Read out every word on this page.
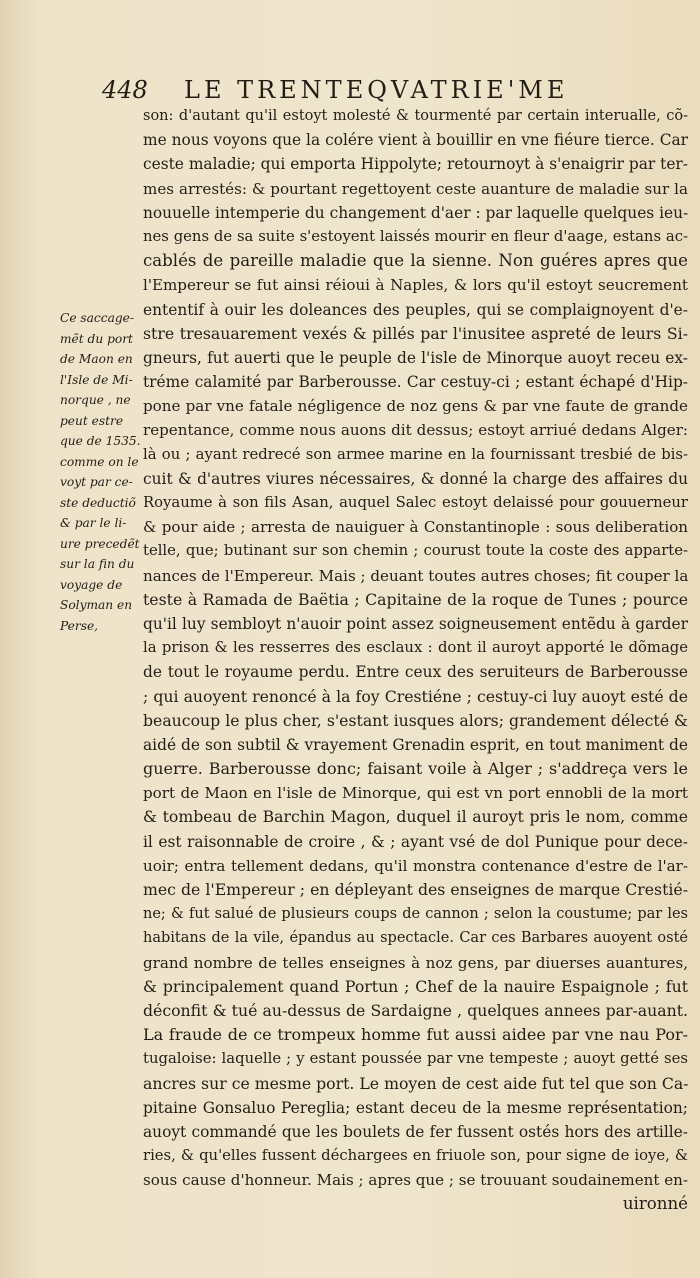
448 LE TRENTEQVATRIE'ME
Ce saccage-
mẽt du port
de Maon en
l'Isle de Mi-
norque , ne
peut estre
que de 1535.
comme on le
voyt par ce-
ste deductiõ
& par le li-
ure precedẽt
sur la fin du
voyage de
Solyman en
Perse,
son: d'autant qu'il estoyt molesté & tourmenté par certain interualle, cõ-
me nous voyons que la colére vient à bouillir en vne fiéure tierce. Car
ceste maladie; qui emporta Hippolyte; retournoyt à s'enaigrir par ter-
mes arrestés: & pourtant regettoyent ceste auanture de maladie sur la
nouuelle intemperie du changement d'aer : par laquelle quelques ieu-
nes gens de sa suite s'estoyent laissés mourir en fleur d'aage, estans ac-
cablés de pareille maladie que la sienne. Non guéres apres que
l'Empereur se fut ainsi réioui à Naples, & lors qu'il estoyt seucrement
ententif à ouir les doleances des peuples, qui se complaignoyent d'e-
stre tresauarement vexés & pillés par l'inusitee aspreté de leurs Si-
gneurs, fut auerti que le peuple de l'isle de Minorque auoyt receu ex-
tréme calamité par Barberousse. Car cestuy-ci ; estant échapé d'Hip-
pone par vne fatale négligence de noz gens & par vne faute de grande
repentance, comme nous auons dit dessus; estoyt arriué dedans Alger:
là ou ; ayant redrecé son armee marine en la fournissant tresbié de bis-
cuit & d'autres viures nécessaires, & donné la charge des affaires du
Royaume à son fils Asan, auquel Salec estoyt delaissé pour gouuerneur
& pour aide ; arresta de nauiguer à Constantinople : sous deliberation
telle, que; butinant sur son chemin ; courust toute la coste des apparte-
nances de l'Empereur. Mais ; deuant toutes autres choses; fit couper la
teste à Ramada de Baëtia ; Capitaine de la roque de Tunes ; pource
qu'il luy sembloyt n'auoir point assez soigneusement entẽdu à garder
la prison & les resserres des esclaux : dont il auroyt apporté le dõmage
de tout le royaume perdu. Entre ceux des seruiteurs de Barberousse
; qui auoyent renoncé à la foy Crestiéne ; cestuy-ci luy auoyt esté de
beaucoup le plus cher, s'estant iusques alors; grandement délecté &
aidé de son subtil & vrayement Grenadin esprit, en tout maniment de
guerre. Barberousse donc; faisant voile à Alger ; s'addreça vers le
port de Maon en l'isle de Minorque, qui est vn port ennobli de la mort
& tombeau de Barchin Magon, duquel il auroyt pris le nom, comme
il est raisonnable de croire , & ; ayant vsé de dol Punique pour dece-
uoir; entra tellement dedans, qu'il monstra contenance d'estre de l'ar-
mec de l'Empereur ; en dépleyant des enseignes de marque Crestié-
ne; & fut salué de plusieurs coups de cannon ; selon la coustume; par les
habitans de la vile, épandus au spectacle. Car ces Barbares auoyent osté
grand nombre de telles enseignes à noz gens, par diuerses auantures,
& principalement quand Portun ; Chef de la nauire Espaignole ; fut
déconfit & tué au-dessus de Sardaigne , quelques annees par-auant.
La fraude de ce trompeux homme fut aussi aidee par vne nau Por-
tugaloise: laquelle ; y estant poussée par vne tempeste ; auoyt getté ses
ancres sur ce mesme port. Le moyen de cest aide fut tel que son Ca-
pitaine Gonsaluo Pereglia; estant deceu de la mesme représentation;
auoyt commandé que les boulets de fer fussent ostés hors des artille-
ries, & qu'elles fussent déchargees en friuole son, pour signe de ioye, &
sous cause d'honneur. Mais ; apres que ; se trouuant soudainement en-
uironné
